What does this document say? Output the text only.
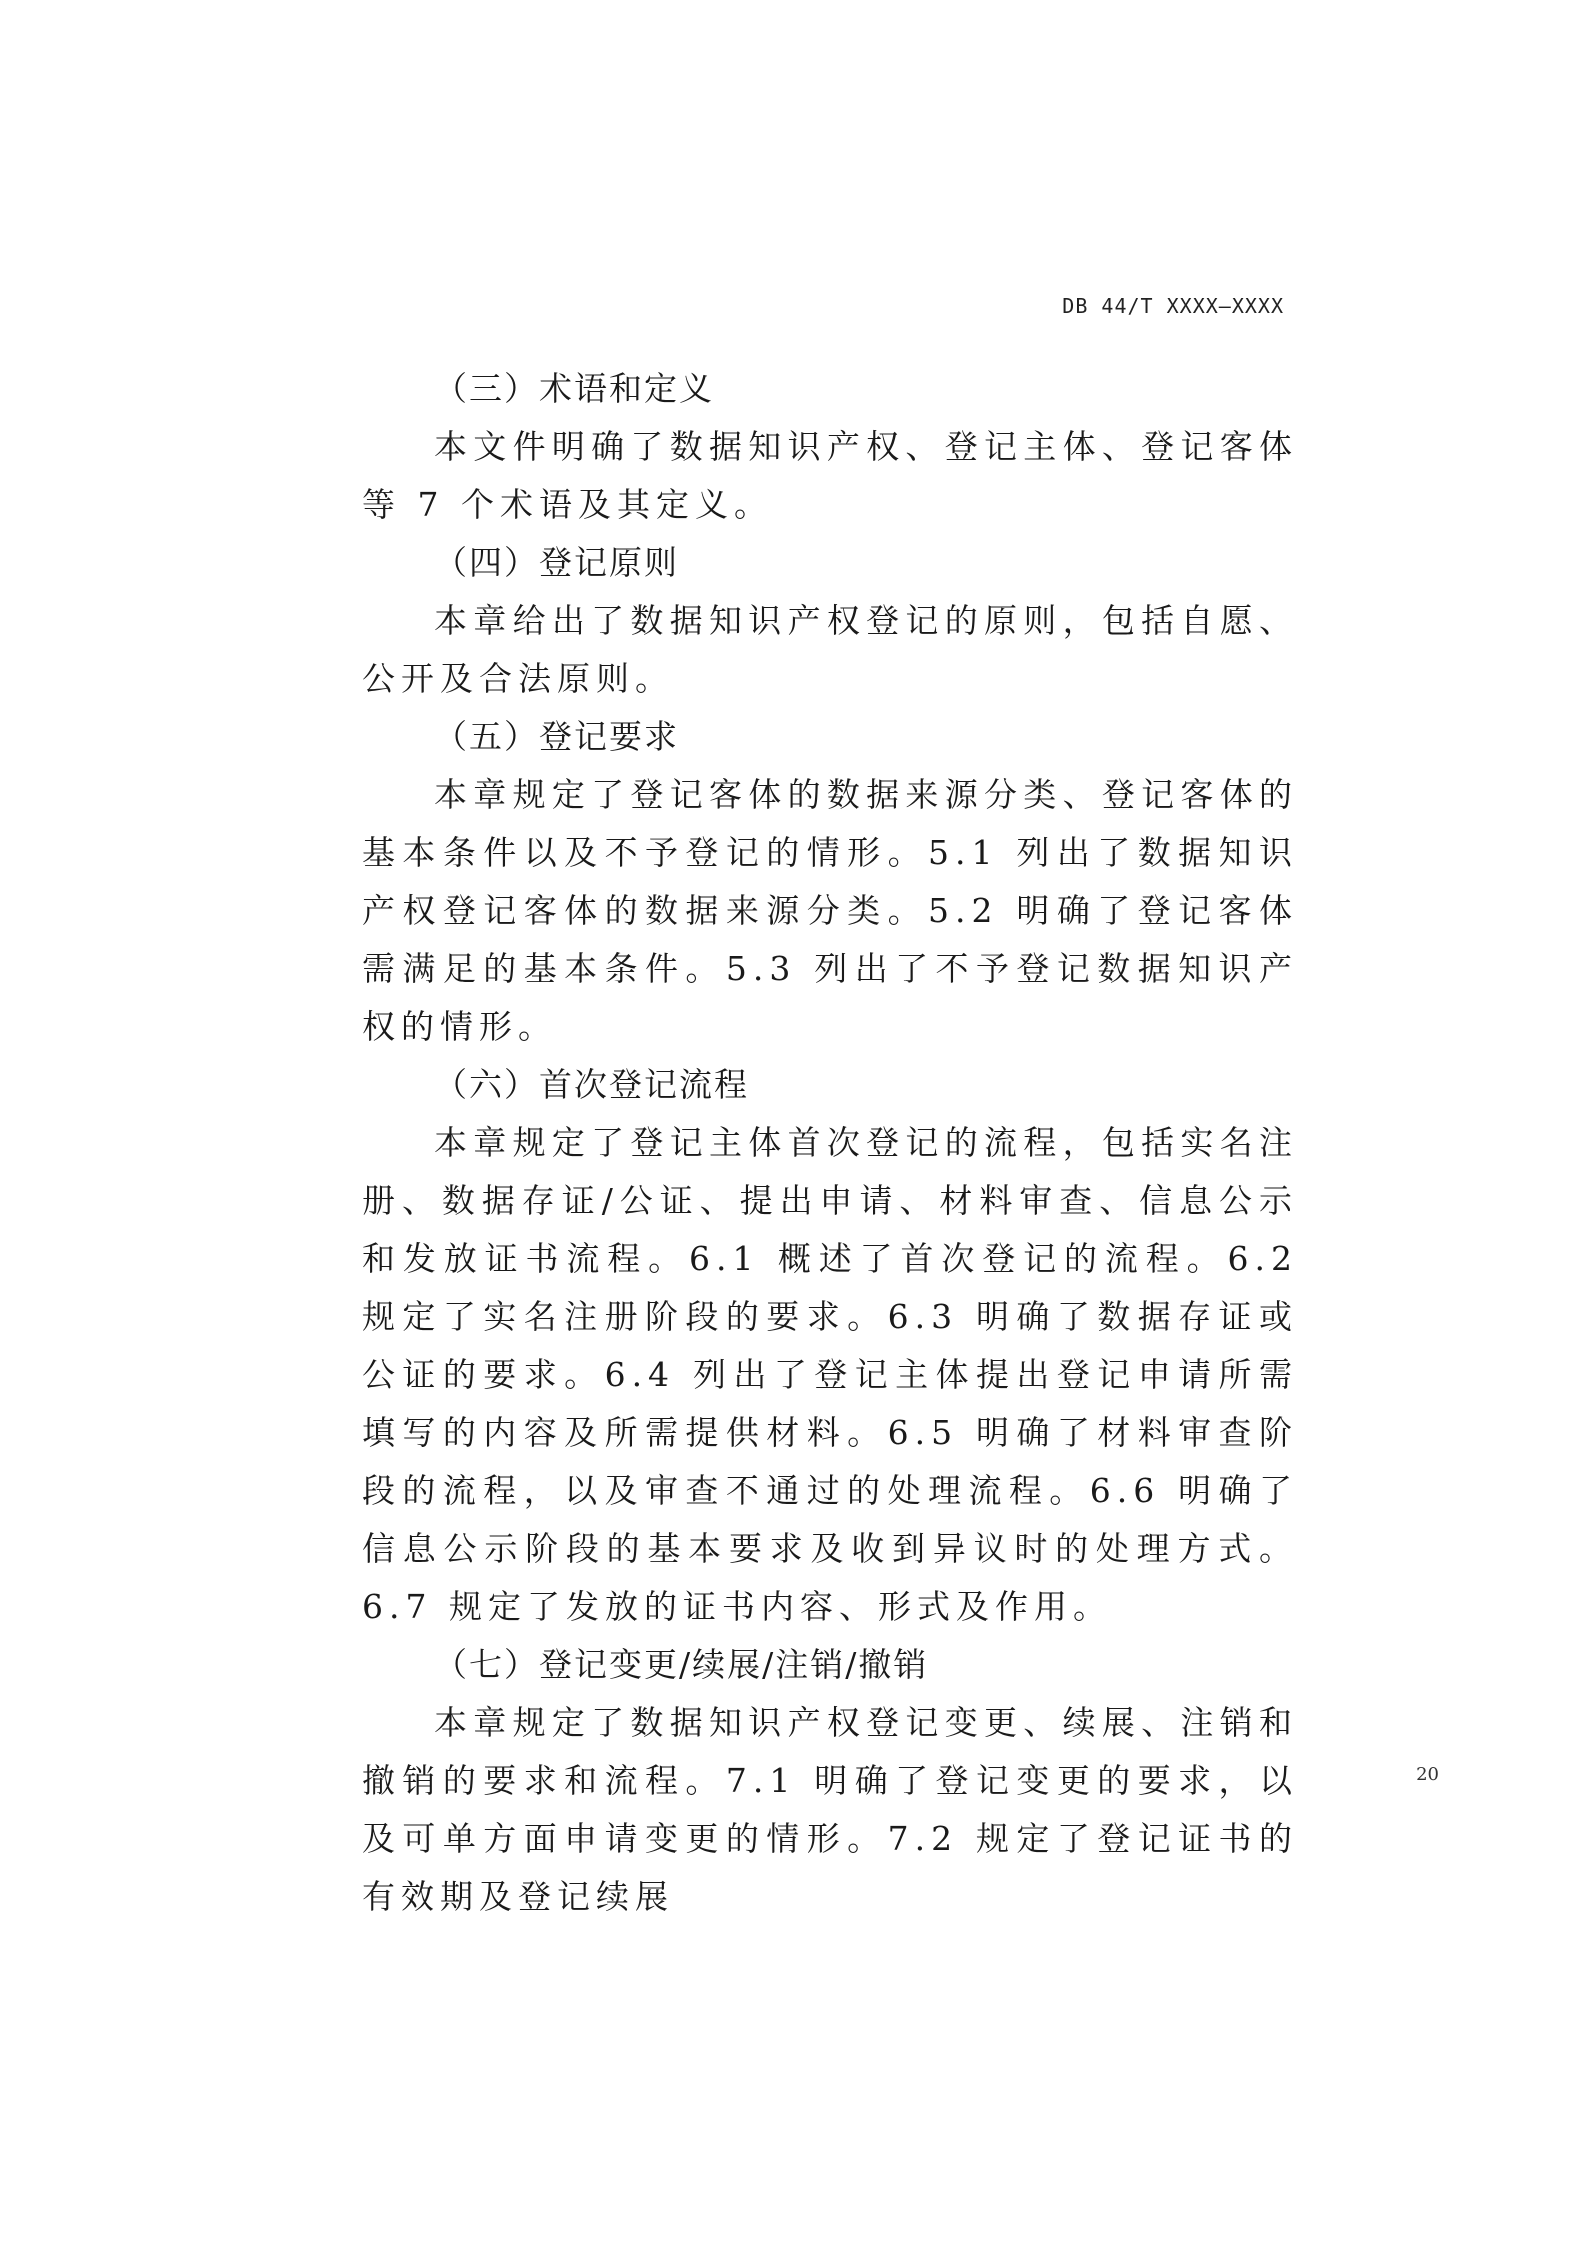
DB 44/T XXXX—XXXX

（三）术语和定义

本文件明确了数据知识产权、登记主体、登记客体等 7 个术语及其定义。

（四）登记原则

本章给出了数据知识产权登记的原则，包括自愿、公开及合法原则。

（五）登记要求

本章规定了登记客体的数据来源分类、登记客体的基本条件以及不予登记的情形。5.1 列出了数据知识产权登记客体的数据来源分类。5.2 明确了登记客体需满足的基本条件。5.3 列出了不予登记数据知识产权的情形。

（六）首次登记流程

本章规定了登记主体首次登记的流程，包括实名注册、数据存证/公证、提出申请、材料审查、信息公示和发放证书流程。6.1 概述了首次登记的流程。6.2 规定了实名注册阶段的要求。6.3 明确了数据存证或公证的要求。6.4 列出了登记主体提出登记申请所需填写的内容及所需提供材料。6.5 明确了材料审查阶段的流程，以及审查不通过的处理流程。6.6 明确了信息公示阶段的基本要求及收到异议时的处理方式。6.7 规定了发放的证书内容、形式及作用。

（七）登记变更/续展/注销/撤销

本章规定了数据知识产权登记变更、续展、注销和撤销的要求和流程。7.1 明确了登记变更的要求，以及可单方面申请变更的情形。7.2 规定了登记证书的有效期及登记续展

20
